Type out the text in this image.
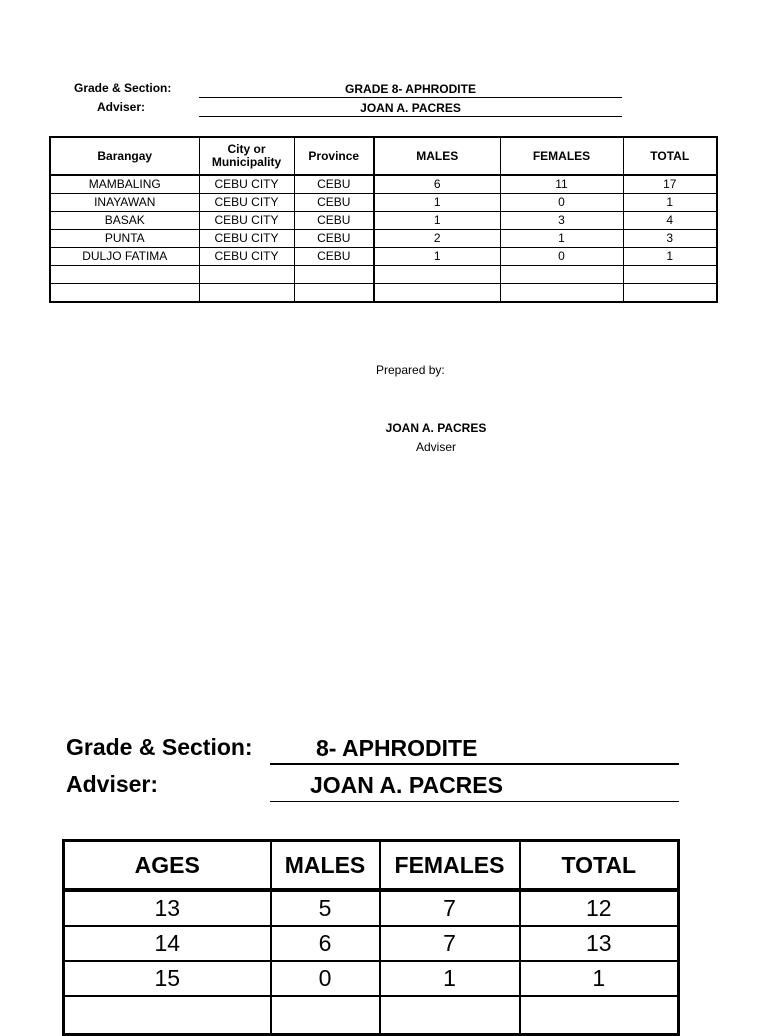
Grade & Section:	GRADE 8- APHRODITE
Adviser:	JOAN A. PACRES
Barangay	City or Municipality	Province	MALES	FEMALES	TOTAL
MAMBALING	CEBU CITY	CEBU	6	11	17
INAYAWAN	CEBU CITY	CEBU	1	0	1
BASAK	CEBU CITY	CEBU	1	3	4
PUNTA	CEBU CITY	CEBU	2	1	3
DULJO FATIMA	CEBU CITY	CEBU	1	0	1

Prepared by:
JOAN A. PACRES
Adviser
Grade & Section:	8- APHRODITE
Adviser:	JOAN A. PACRES
AGES	MALES	FEMALES	TOTAL
13	5	7	12
14	6	7	13
15	0	1	1
